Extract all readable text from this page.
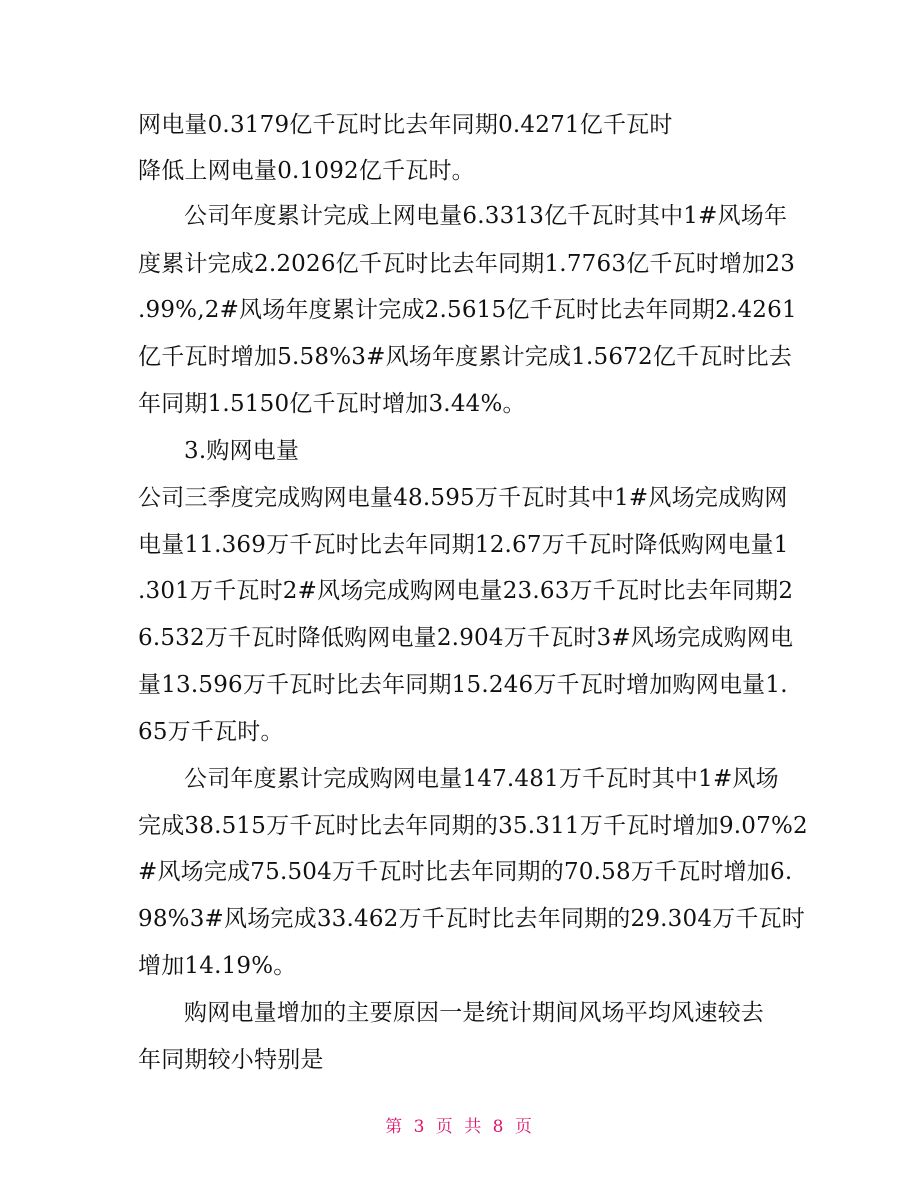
网电量0.3179亿千瓦时比去年同期0.4271亿千瓦时
降低上网电量0.1092亿千瓦时。
公司年度累计完成上网电量6.3313亿千瓦时其中1#风场年
度累计完成2.2026亿千瓦时比去年同期1.7763亿千瓦时增加23
.99%,2#风场年度累计完成2.5615亿千瓦时比去年同期2.4261
亿千瓦时增加5.58%3#风场年度累计完成1.5672亿千瓦时比去
年同期1.5150亿千瓦时增加3.44%。
3.购网电量
公司三季度完成购网电量48.595万千瓦时其中1#风场完成购网
电量11.369万千瓦时比去年同期12.67万千瓦时降低购网电量1
.301万千瓦时2#风场完成购网电量23.63万千瓦时比去年同期2
6.532万千瓦时降低购网电量2.904万千瓦时3#风场完成购网电
量13.596万千瓦时比去年同期15.246万千瓦时增加购网电量1.
65万千瓦时。
公司年度累计完成购网电量147.481万千瓦时其中1#风场
完成38.515万千瓦时比去年同期的35.311万千瓦时增加9.07%2
#风场完成75.504万千瓦时比去年同期的70.58万千瓦时增加6.
98%3#风场完成33.462万千瓦时比去年同期的29.304万千瓦时
增加14.19%。
购网电量增加的主要原因一是统计期间风场平均风速较去
年同期较小特别是
第 3 页 共 8 页
